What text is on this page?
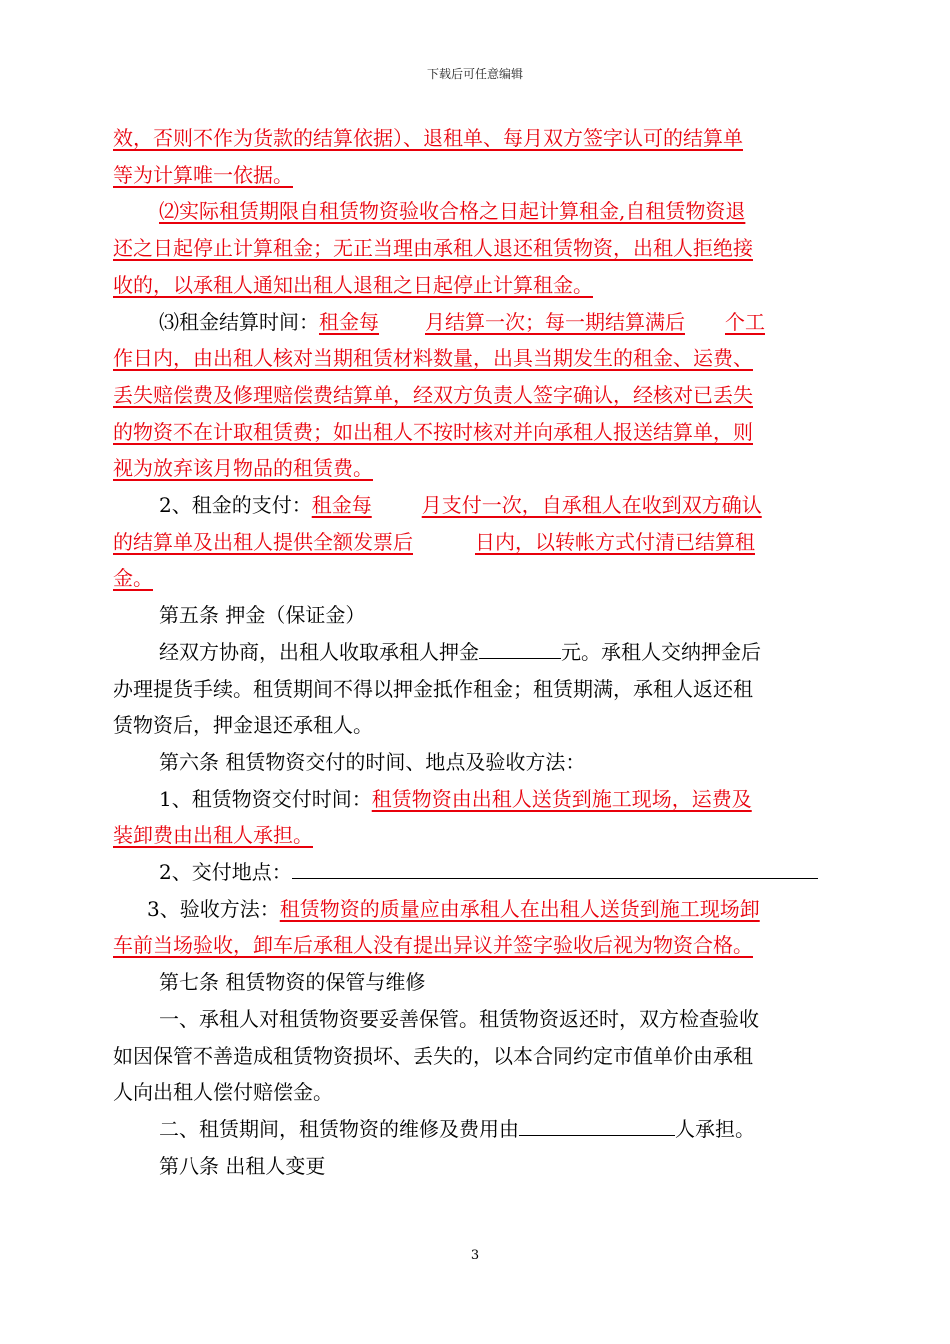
下载后可任意编辑

效，否则不作为货款的结算依据）、退租单、每月双方签字认可的结算单

等为计算唯一依据。

⑵实际租赁期限自租赁物资验收合格之日起计算租金,自租赁物资退

还之日起停止计算租金；无正当理由承租人退还租赁物资，出租人拒绝接

收的，以承租人通知出租人退租之日起停止计算租金。

⑶租金结算时间：租金每 月结算一次；每一期结算满后 个工

作日内，由出租人核对当期租赁材料数量，出具当期发生的租金、运费、

丢失赔偿费及修理赔偿费结算单，经双方负责人签字确认，经核对已丢失

的物资不在计取租赁费；如出租人不按时核对并向承租人报送结算单，则

视为放弃该月物品的租赁费。

2、租金的支付：租金每	月支付一次，自承租人在收到双方确认

的结算单及出租人提供全额发票后	日内，以转帐方式付清已结算租

金。

第五条 押金（保证金）

经双方协商，出租人收取承租人押金	元。承租人交纳押金后

办理提货手续。租赁期间不得以押金抵作租金；租赁期满，承租人返还租

赁物资后，押金退还承租人。

第六条 租赁物资交付的时间、地点及验收方法：

1、租赁物资交付时间：租赁物资由出租人送货到施工现场，运费及

装卸费由出租人承担。

2、交付地点：

3、验收方法：租赁物资的质量应由承租人在出租人送货到施工现场卸

车前当场验收，卸车后承租人没有提出异议并签字验收后视为物资合格。

第七条 租赁物资的保管与维修

一、承租人对租赁物资要妥善保管。租赁物资返还时，双方检查验收

如因保管不善造成租赁物资损坏、丢失的，以本合同约定市值单价由承租

人向出租人偿付赔偿金。

二、租赁期间，租赁物资的维修及费用由	人承担。

第八条 出租人变更

3
